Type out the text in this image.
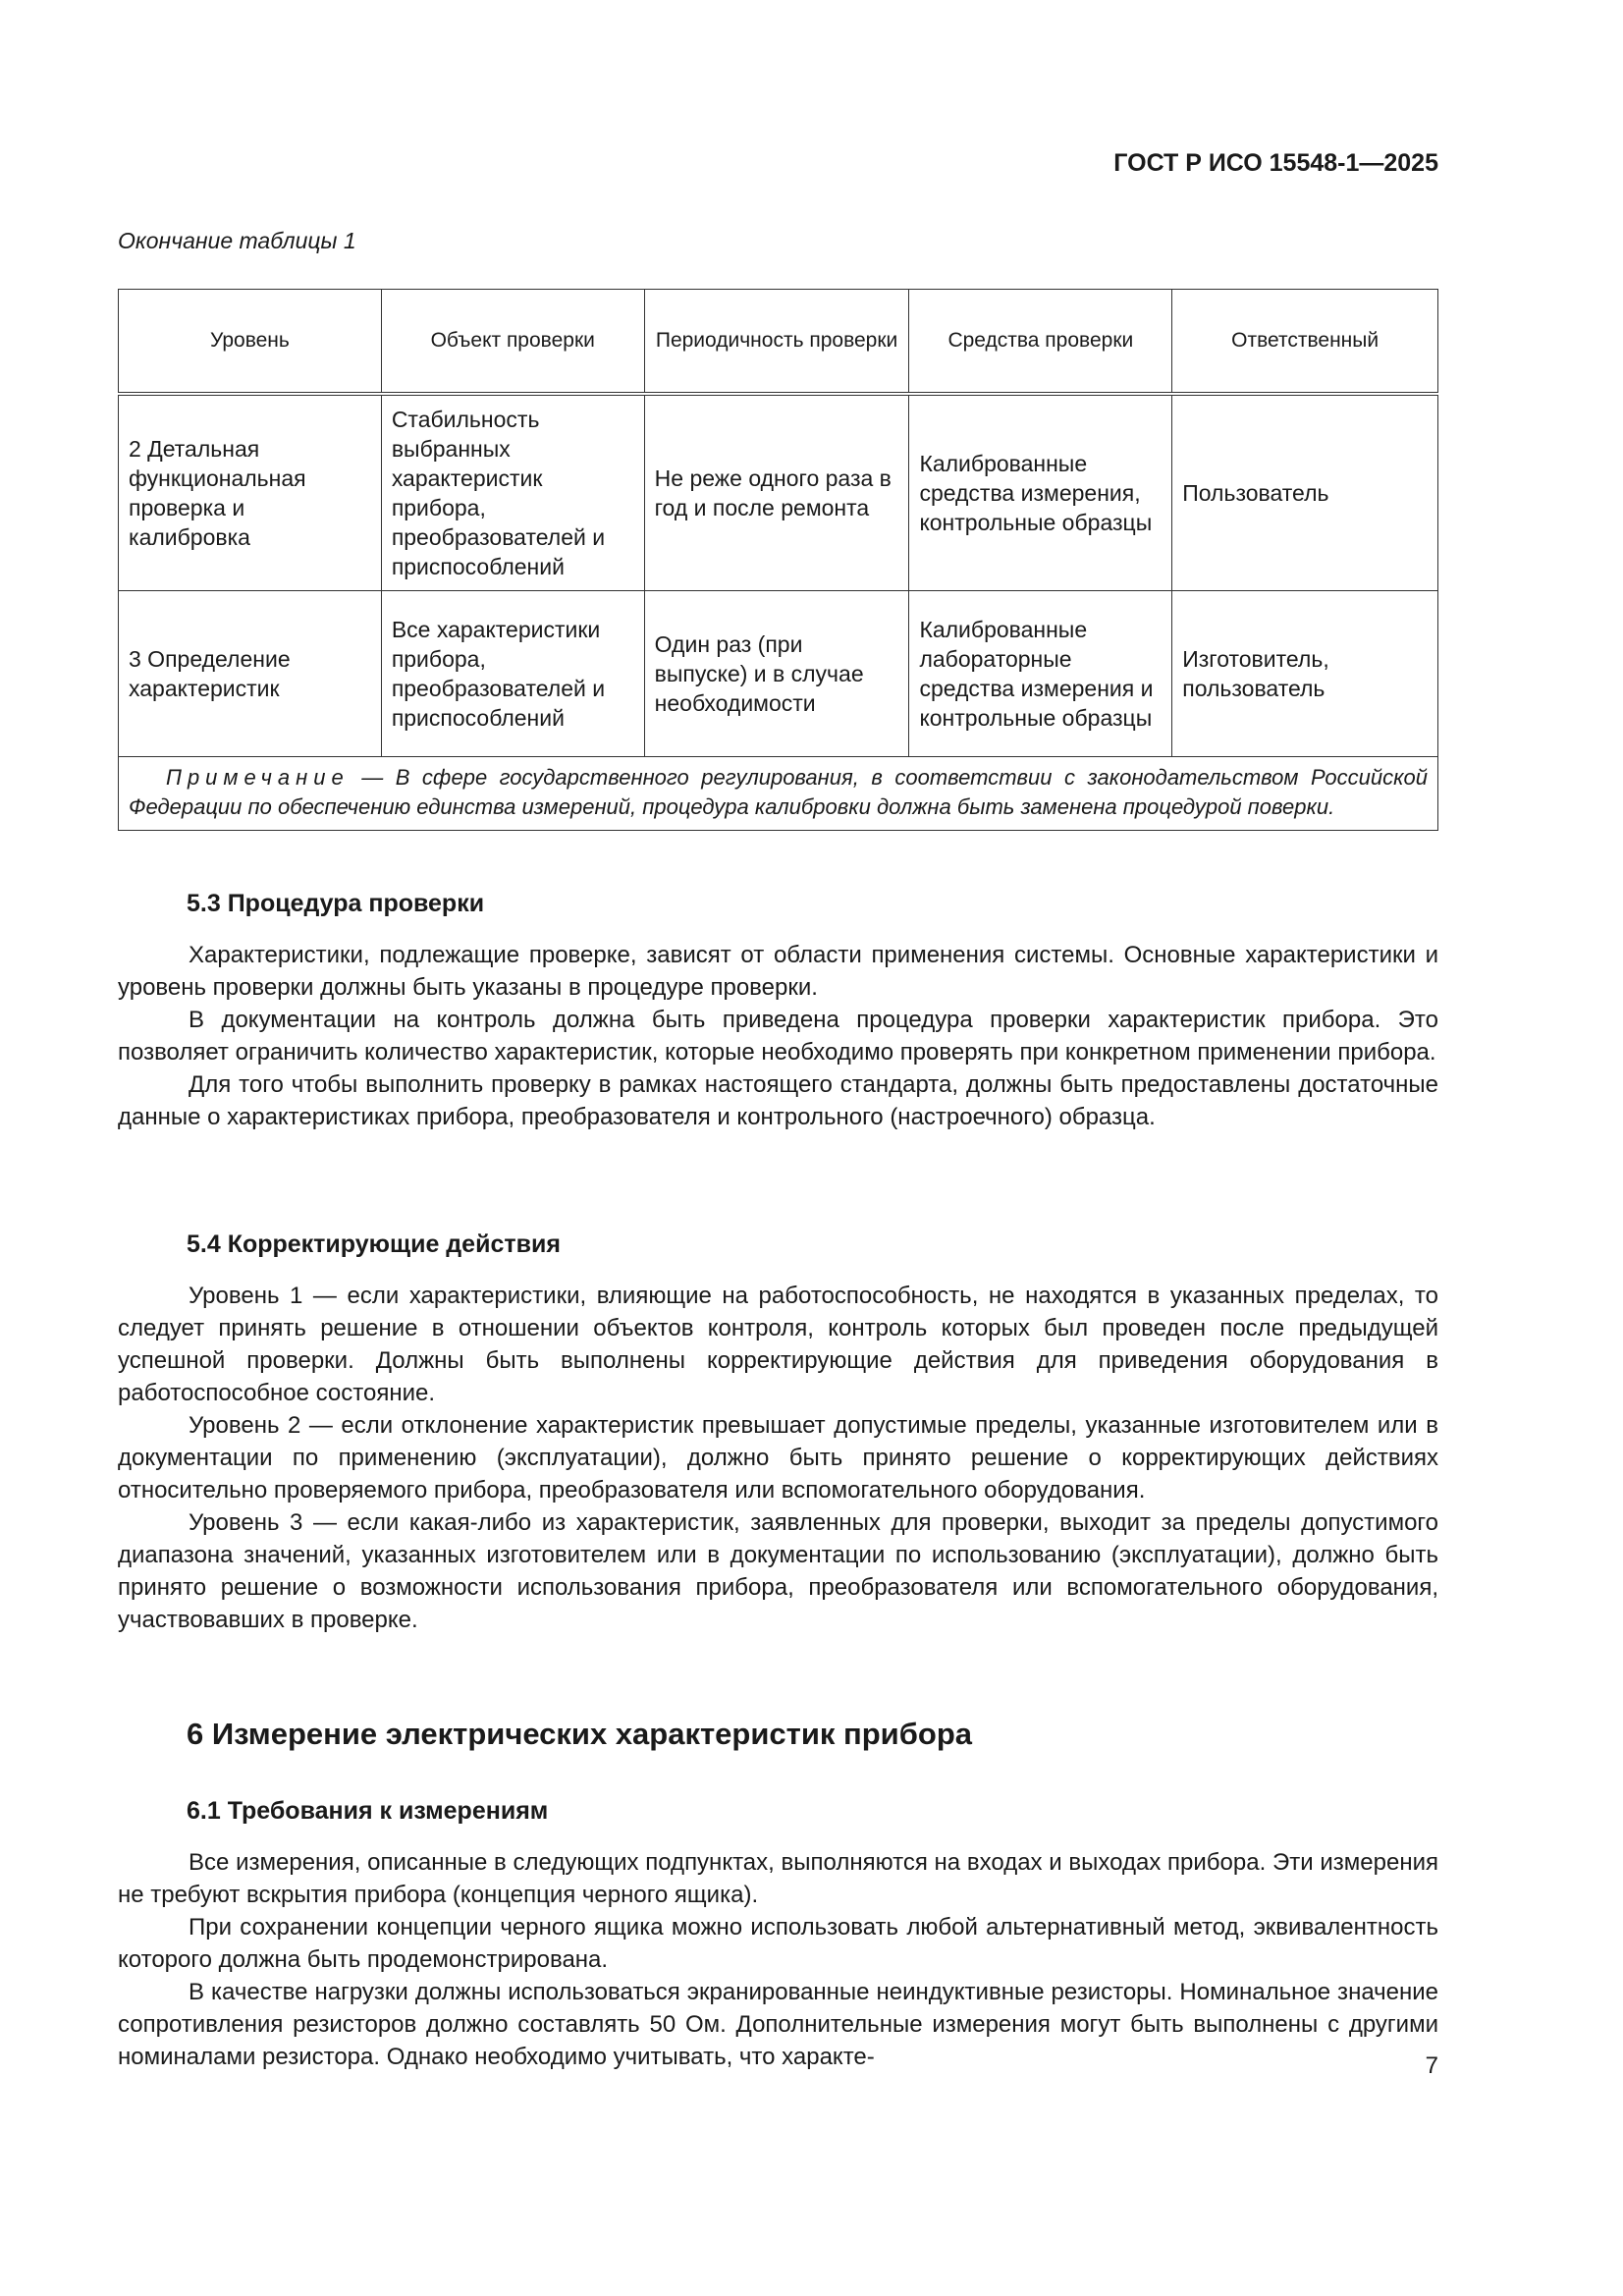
ГОСТ Р ИСО 15548-1—2025
Окончание таблицы 1
Уровень	Объект проверки	Периодичность проверки	Средства проверки	Ответственный
2 Детальная функциональная проверка и калибровка	Стабильность выбранных характеристик прибора, преобразователей и приспособлений	Не реже одного раза в год и после ремонта	Калиброванные средства измерения, контрольные образцы	Пользователь
3 Определение характеристик	Все характеристики прибора, преобразователей и приспособлений	Один раз (при выпуске) и в случае необходимости	Калиброванные лабораторные средства измерения и контрольные образцы	Изготовитель, пользователь
Примечание — В сфере государственного регулирования, в соответствии с законодательством Российской Федерации по обеспечению единства измерений, процедура калибровки должна быть заменена процедурой поверки.				
5.3 Процедура проверки

Характеристики, подлежащие проверке, зависят от области применения системы. Основные характеристики и уровень проверки должны быть указаны в процедуре проверки.

В документации на контроль должна быть приведена процедура проверки характеристик прибора. Это позволяет ограничить количество характеристик, которые необходимо проверять при конкретном применении прибора.

Для того чтобы выполнить проверку в рамках настоящего стандарта, должны быть предоставлены достаточные данные о характеристиках прибора, преобразователя и контрольного (настроечного) образца.

5.4 Корректирующие действия

Уровень 1 — если характеристики, влияющие на работоспособность, не находятся в указанных пределах, то следует принять решение в отношении объектов контроля, контроль которых был проведен после предыдущей успешной проверки. Должны быть выполнены корректирующие действия для приведения оборудования в работоспособное состояние.

Уровень 2 — если отклонение характеристик превышает допустимые пределы, указанные изготовителем или в документации по применению (эксплуатации), должно быть принято решение о корректирующих действиях относительно проверяемого прибора, преобразователя или вспомогательного оборудования.

Уровень 3 — если какая-либо из характеристик, заявленных для проверки, выходит за пределы допустимого диапазона значений, указанных изготовителем или в документации по использованию (эксплуатации), должно быть принято решение о возможности использования прибора, преобразователя или вспомогательного оборудования, участвовавших в проверке.

6 Измерение электрических характеристик прибора
6.1 Требования к измерениям

Все измерения, описанные в следующих подпунктах, выполняются на входах и выходах прибора. Эти измерения не требуют вскрытия прибора (концепция черного ящика).

При сохранении концепции черного ящика можно использовать любой альтернативный метод, эквивалентность которого должна быть продемонстрирована.

В качестве нагрузки должны использоваться экранированные неиндуктивные резисторы. Номинальное значение сопротивления резисторов должно составлять 50 Ом. Дополнительные измерения могут быть выполнены с другими номиналами резистора. Однако необходимо учитывать, что характе-	7
